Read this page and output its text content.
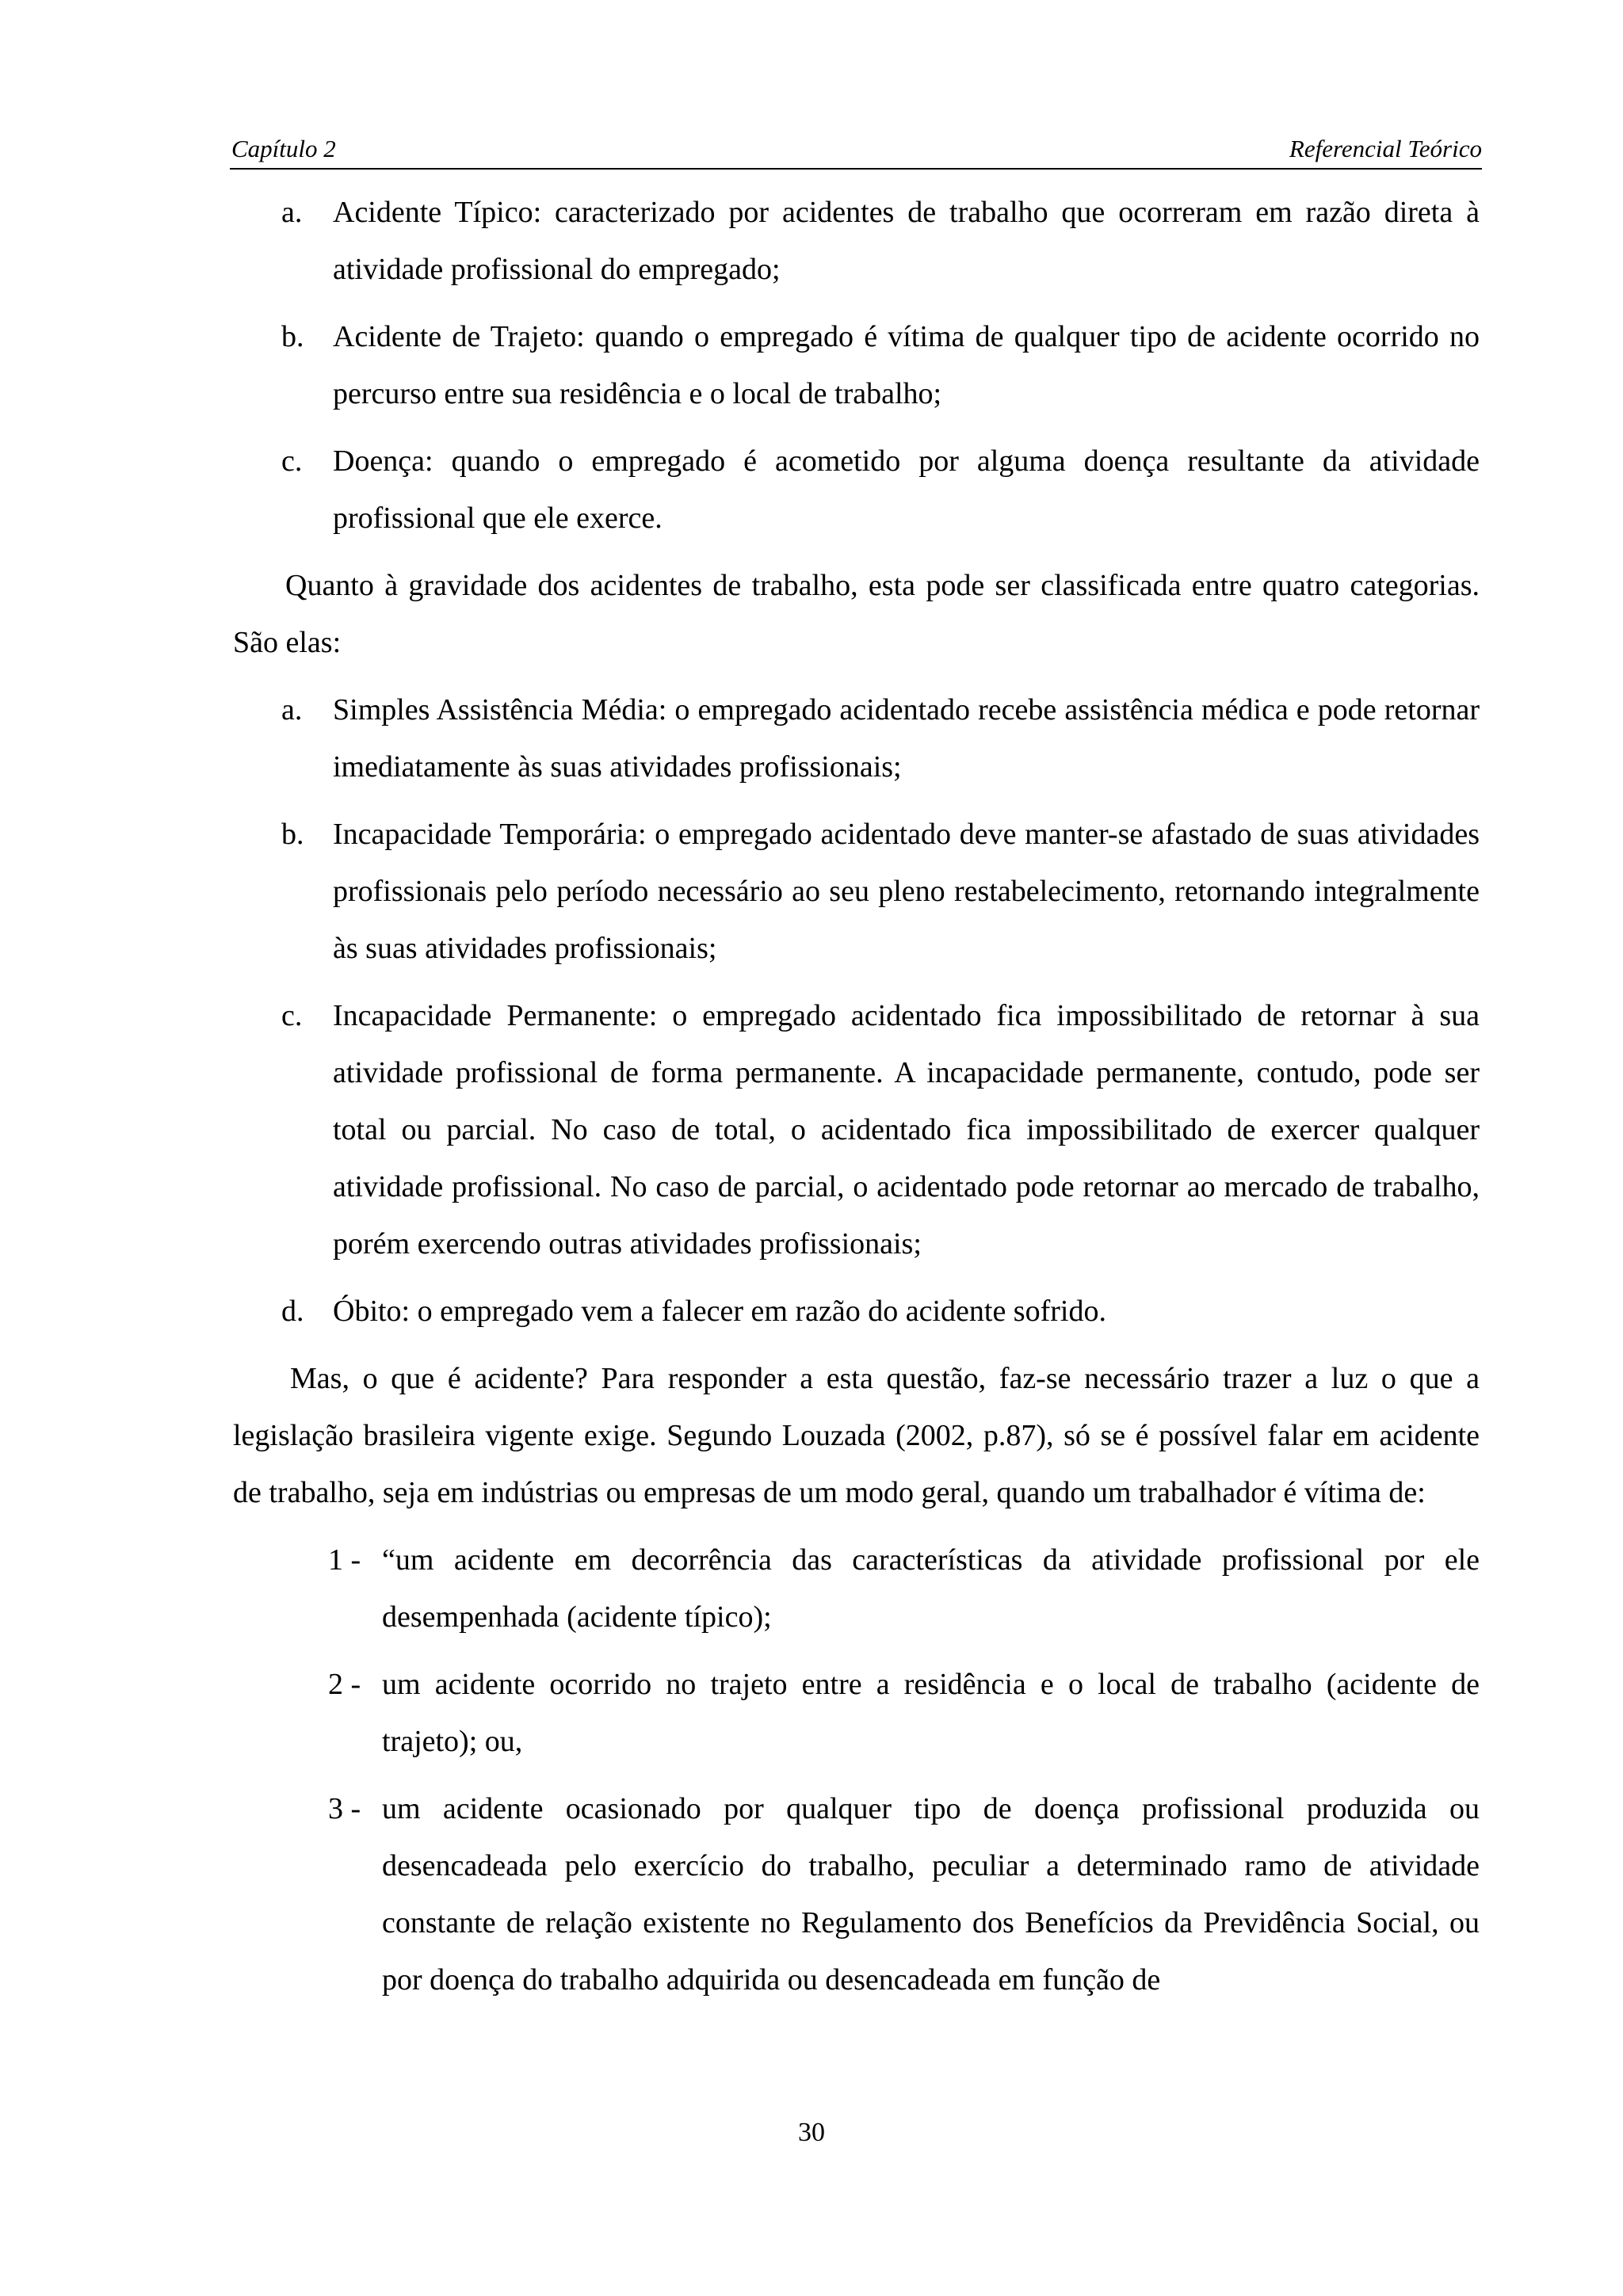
Capítulo 2	Referencial Teórico
a. Acidente Típico: caracterizado por acidentes de trabalho que ocorreram em razão direta à atividade profissional do empregado;
b. Acidente de Trajeto: quando o empregado é vítima de qualquer tipo de acidente ocorrido no percurso entre sua residência e o local de trabalho;
c. Doença: quando o empregado é acometido por alguma doença resultante da atividade profissional que ele exerce.

Quanto à gravidade dos acidentes de trabalho, esta pode ser classificada entre quatro categorias. São elas:

a. Simples Assistência Média: o empregado acidentado recebe assistência médica e pode retornar imediatamente às suas atividades profissionais;
b. Incapacidade Temporária: o empregado acidentado deve manter-se afastado de suas atividades profissionais pelo período necessário ao seu pleno restabelecimento, retornando integralmente às suas atividades profissionais;
c. Incapacidade Permanente: o empregado acidentado fica impossibilitado de retornar à sua atividade profissional de forma permanente. A incapacidade permanente, contudo, pode ser total ou parcial. No caso de total, o acidentado fica impossibilitado de exercer qualquer atividade profissional. No caso de parcial, o acidentado pode retornar ao mercado de trabalho, porém exercendo outras atividades profissionais;
d. Óbito: o empregado vem a falecer em razão do acidente sofrido.

Mas, o que é acidente? Para responder a esta questão, faz-se necessário trazer a luz o que a legislação brasileira vigente exige. Segundo Louzada (2002, p.87), só se é possível falar em acidente de trabalho, seja em indústrias ou empresas de um modo geral, quando um trabalhador é vítima de:

1 - “um acidente em decorrência das características da atividade profissional por ele desempenhada (acidente típico);
2 - um acidente ocorrido no trajeto entre a residência e o local de trabalho (acidente de trajeto); ou,
3 - um acidente ocasionado por qualquer tipo de doença profissional produzida ou desencadeada pelo exercício do trabalho, peculiar a determinado ramo de atividade constante de relação existente no Regulamento dos Benefícios da Previdência Social, ou por doença do trabalho adquirida ou desencadeada em função de
30
